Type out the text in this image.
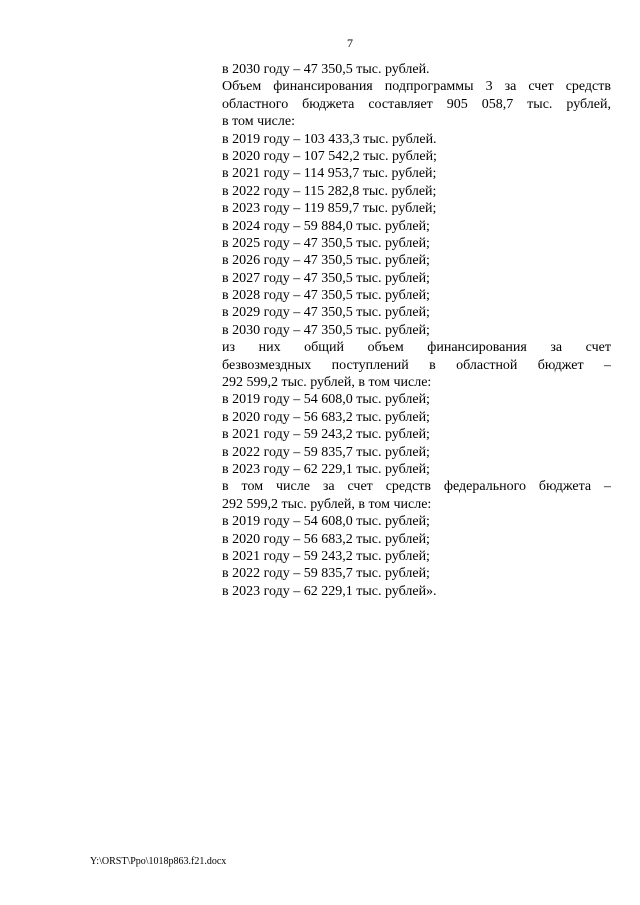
7
в 2030 году – 47 350,5 тыс. рублей.
Объем финансирования подпрограммы 3 за счет средств
областного бюджета составляет 905 058,7 тыс. рублей,
в том числе:
в 2019 году – 103 433,3 тыс. рублей.
в 2020 году – 107 542,2 тыс. рублей;
в 2021 году – 114 953,7 тыс. рублей;
в 2022 году – 115 282,8 тыс. рублей;
в 2023 году – 119 859,7 тыс. рублей;
в 2024 году – 59 884,0 тыс. рублей;
в 2025 году – 47 350,5 тыс. рублей;
в 2026 году – 47 350,5 тыс. рублей;
в 2027 году – 47 350,5 тыс. рублей;
в 2028 году – 47 350,5 тыс. рублей;
в 2029 году – 47 350,5 тыс. рублей;
в 2030 году – 47 350,5 тыс. рублей;
из них общий объем финансирования за счет
безвозмездных поступлений в областной бюджет –
292 599,2 тыс. рублей, в том числе:
в 2019 году – 54 608,0 тыс. рублей;
в 2020 году – 56 683,2 тыс. рублей;
в 2021 году – 59 243,2 тыс. рублей;
в 2022 году – 59 835,7 тыс. рублей;
в 2023 году – 62 229,1 тыс. рублей;
в том числе за счет средств федерального бюджета –
292 599,2 тыс. рублей, в том числе:
в 2019 году – 54 608,0 тыс. рублей;
в 2020 году – 56 683,2 тыс. рублей;
в 2021 году – 59 243,2 тыс. рублей;
в 2022 году – 59 835,7 тыс. рублей;
в 2023 году – 62 229,1 тыс. рублей».
Y:\ORST\Ppo\1018p863.f21.docx
